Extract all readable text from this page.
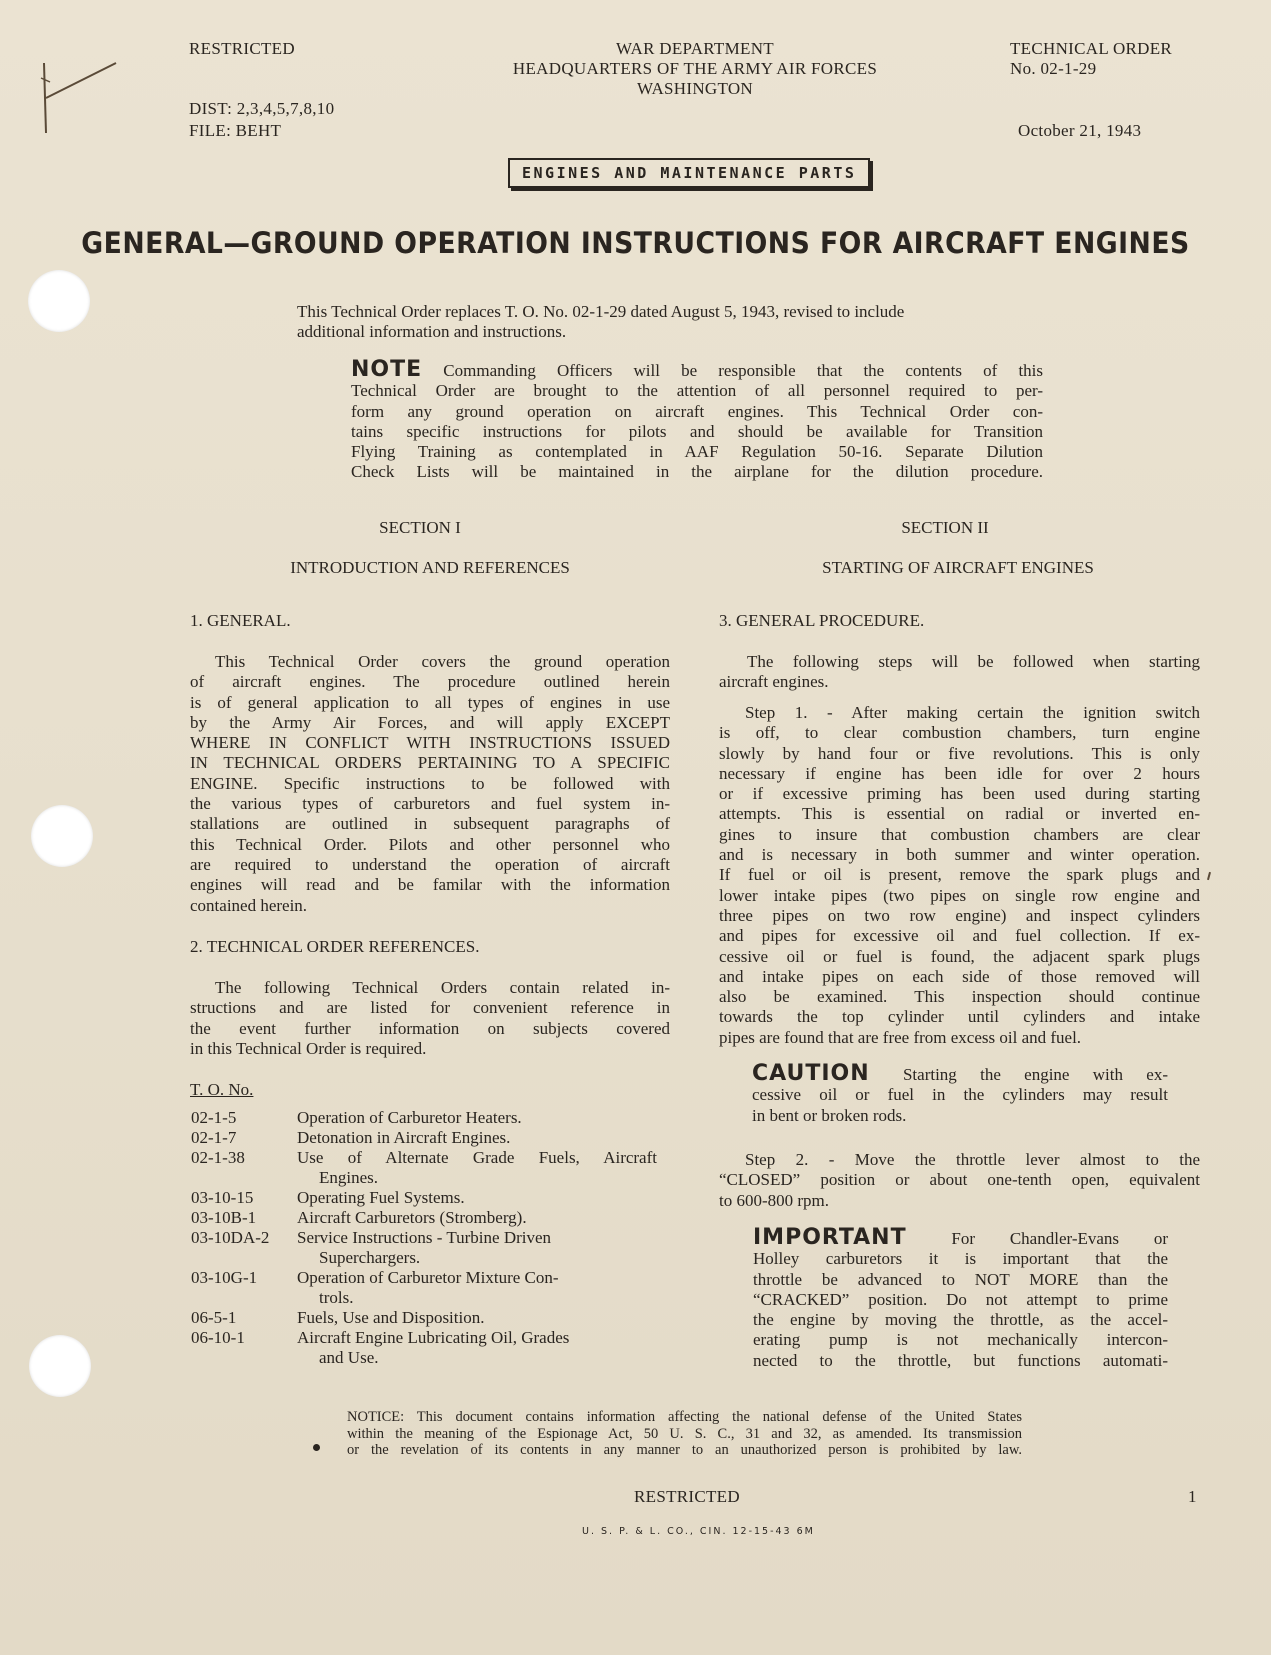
RESTRICTED	WAR DEPARTMENT
HEADQUARTERS OF THE ARMY AIR FORCES
WASHINGTON
TECHNICAL ORDER
No. 02-1-29
DIST: 2,3,4,5,7,8,10
FILE: BEHT	October 21, 1943
ENGINES AND MAINTENANCE PARTS
GENERAL—GROUND OPERATION INSTRUCTIONS FOR AIRCRAFT ENGINES
This Technical Order replaces T. O. No. 02-1-29 dated August 5, 1943, revised to include
additional information and instructions.
NOTE Commanding Officers will be responsible that the contents of this
Technical Order are brought to the attention of all personnel required to per-
form any ground operation on aircraft engines. This Technical Order con-
tains specific instructions for pilots and should be available for Transition
Flying Training as contemplated in AAF Regulation 50-16. Separate Dilution
Check Lists will be maintained in the airplane for the dilution procedure.
SECTION I
INTRODUCTION AND REFERENCES
SECTION II
STARTING OF AIRCRAFT ENGINES
1. GENERAL.
This Technical Order covers the ground operation
of aircraft engines. The procedure outlined herein
is of general application to all types of engines in use
by the Army Air Forces, and will apply EXCEPT
WHERE IN CONFLICT WITH INSTRUCTIONS ISSUED
IN TECHNICAL ORDERS PERTAINING TO A SPECIFIC
ENGINE. Specific instructions to be followed with
the various types of carburetors and fuel system in-
stallations are outlined in subsequent paragraphs of
this Technical Order. Pilots and other personnel who
are required to understand the operation of aircraft
engines will read and be familar with the information
contained herein.
2. TECHNICAL ORDER REFERENCES.
The following Technical Orders contain related in-
structions and are listed for convenient reference in
the event further information on subjects covered
in this Technical Order is required.
T. O. No.
02-1-5	Operation of Carburetor Heaters.
02-1-7	Detonation in Aircraft Engines.
02-1-38	Use of Alternate Grade Fuels, Aircraft
Engines.
03-10-15	Operating Fuel Systems.
03-10B-1	Aircraft Carburetors (Stromberg).
03-10DA-2	Service Instructions - Turbine Driven
Superchargers.
03-10G-1	Operation of Carburetor Mixture Con-
trols.
06-5-1	Fuels, Use and Disposition.
06-10-1	Aircraft Engine Lubricating Oil, Grades
and Use.
3. GENERAL PROCEDURE.
The following steps will be followed when starting
aircraft engines.
Step 1. - After making certain the ignition switch
is off, to clear combustion chambers, turn engine
slowly by hand four or five revolutions. This is only
necessary if engine has been idle for over 2 hours
or if excessive priming has been used during starting
attempts. This is essential on radial or inverted en-
gines to insure that combustion chambers are clear
and is necessary in both summer and winter operation.
If fuel or oil is present, remove the spark plugs and
lower intake pipes (two pipes on single row engine and
three pipes on two row engine) and inspect cylinders
and pipes for excessive oil and fuel collection. If ex-
cessive oil or fuel is found, the adjacent spark plugs
and intake pipes on each side of those removed will
also be examined. This inspection should continue
towards the top cylinder until cylinders and intake
pipes are found that are free from excess oil and fuel.
CAUTION Starting the engine with ex-
cessive oil or fuel in the cylinders may result
in bent or broken rods.
Step 2. - Move the throttle lever almost to the
“CLOSED” position or about one-tenth open, equivalent
to 600-800 rpm.
IMPORTANT	For Chandler-Evans or
Holley carburetors it is important that the
throttle be advanced to NOT MORE than the
“CRACKED” position. Do not attempt to prime
the engine by moving the throttle, as the accel-
erating pump is not mechanically intercon-
nected to the throttle, but functions automati-
NOTICE: This document contains information affecting the national defense of the United States
within the meaning of the Espionage Act, 50 U. S. C., 31 and 32, as amended. Its transmission
or the revelation of its contents in any manner to an unauthorized person is prohibited by law.
RESTRICTED	1
U. S. P. & L. CO., CIN. 12-15-43 6M
